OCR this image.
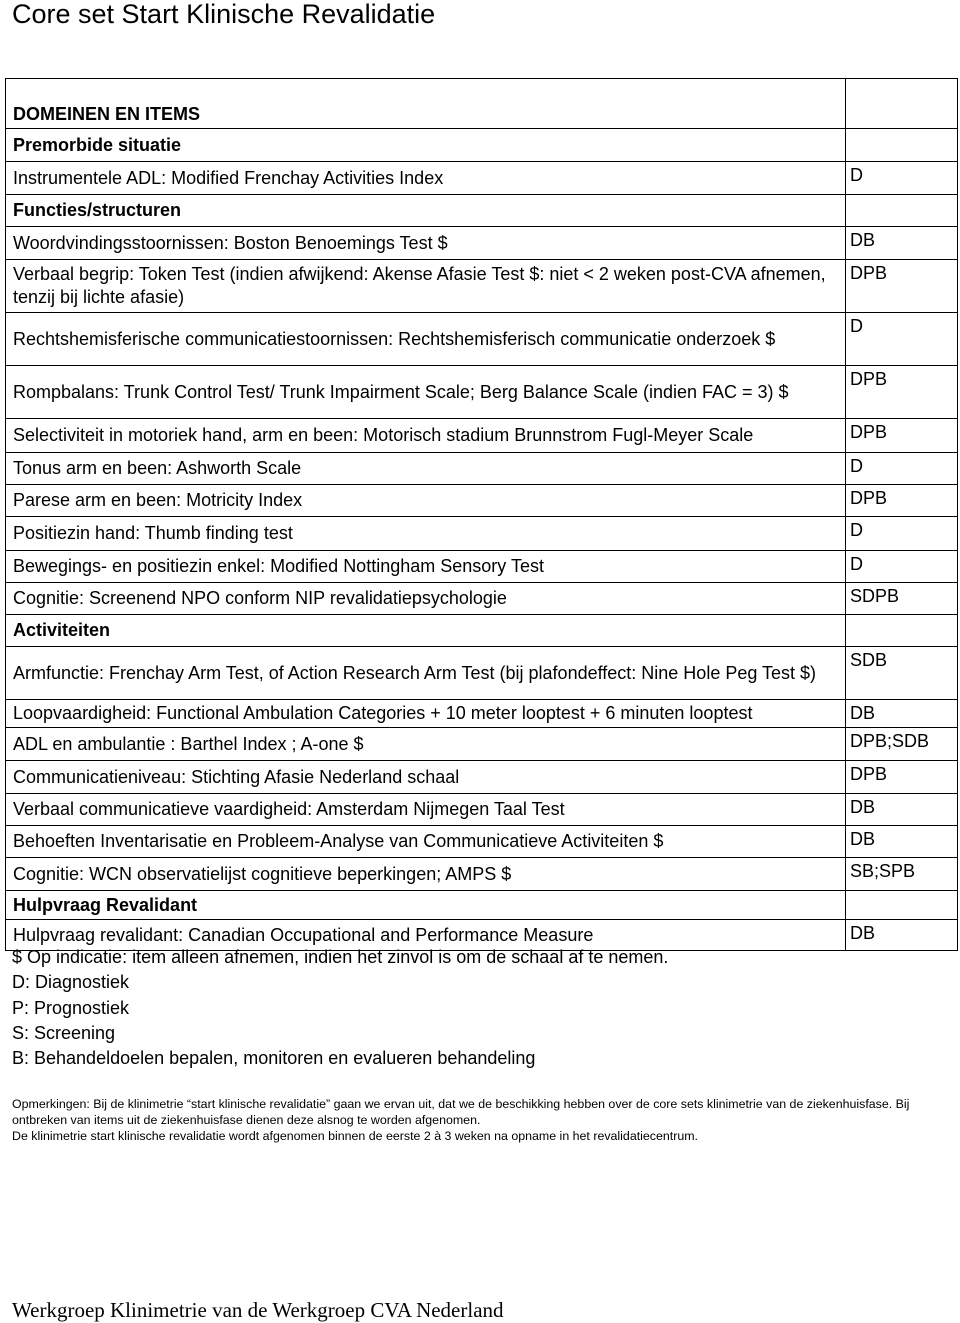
Core set Start Klinische Revalidatie
DOMEINEN EN ITEMS	
Premorbide situatie	
Instrumentele ADL: Modified Frenchay Activities Index	D
Functies/structuren	
Woordvindingsstoornissen: Boston Benoemings Test $	DB
Verbaal begrip: Token Test (indien afwijkend: Akense Afasie Test $: niet < 2 weken post-CVA afnemen, tenzij bij lichte afasie)	DPB
Rechtshemisferische communicatiestoornissen: Rechtshemisferisch communicatie onderzoek $	D
Rompbalans: Trunk Control Test/ Trunk Impairment Scale; Berg Balance Scale (indien FAC = 3) $	DPB
Selectiviteit in motoriek hand, arm en been: Motorisch stadium Brunnstrom Fugl-Meyer Scale	DPB
Tonus arm en been: Ashworth Scale	D
Parese arm en been: Motricity Index	DPB
Positiezin hand: Thumb finding test	D
Bewegings- en positiezin enkel: Modified Nottingham Sensory Test	D
Cognitie: Screenend NPO conform NIP revalidatiepsychologie	SDPB
Activiteiten	
Armfunctie: Frenchay Arm Test, of Action Research Arm Test (bij plafondeffect: Nine Hole Peg Test $)	SDB
Loopvaardigheid: Functional Ambulation Categories + 10 meter looptest + 6 minuten looptest	DB
ADL en ambulantie : Barthel Index ; A-one $	DPB;SDB
Communicatieniveau: Stichting Afasie Nederland schaal	DPB
Verbaal communicatieve vaardigheid: Amsterdam Nijmegen Taal Test	DB
Behoeften Inventarisatie en Probleem-Analyse van Communicatieve Activiteiten $	DB
Cognitie: WCN observatielijst cognitieve beperkingen; AMPS $	SB;SPB
Hulpvraag Revalidant	
Hulpvraag revalidant: Canadian Occupational and Performance Measure	DB
$ Op indicatie: item alleen afnemen, indien het zinvol is om de schaal af te nemen.
D: Diagnostiek
P: Prognostiek
S: Screening
B: Behandeldoelen bepalen, monitoren en evalueren behandeling
Opmerkingen: Bij de klinimetrie “start klinische revalidatie” gaan we ervan uit, dat we de beschikking hebben over de core sets klinimetrie van de ziekenhuisfase. Bij ontbreken van items uit de ziekenhuisfase dienen deze alsnog te worden afgenomen.
De klinimetrie start klinische revalidatie wordt afgenomen binnen de eerste 2 à 3 weken na opname in het revalidatiecentrum.
Werkgroep Klinimetrie van de Werkgroep CVA Nederland
